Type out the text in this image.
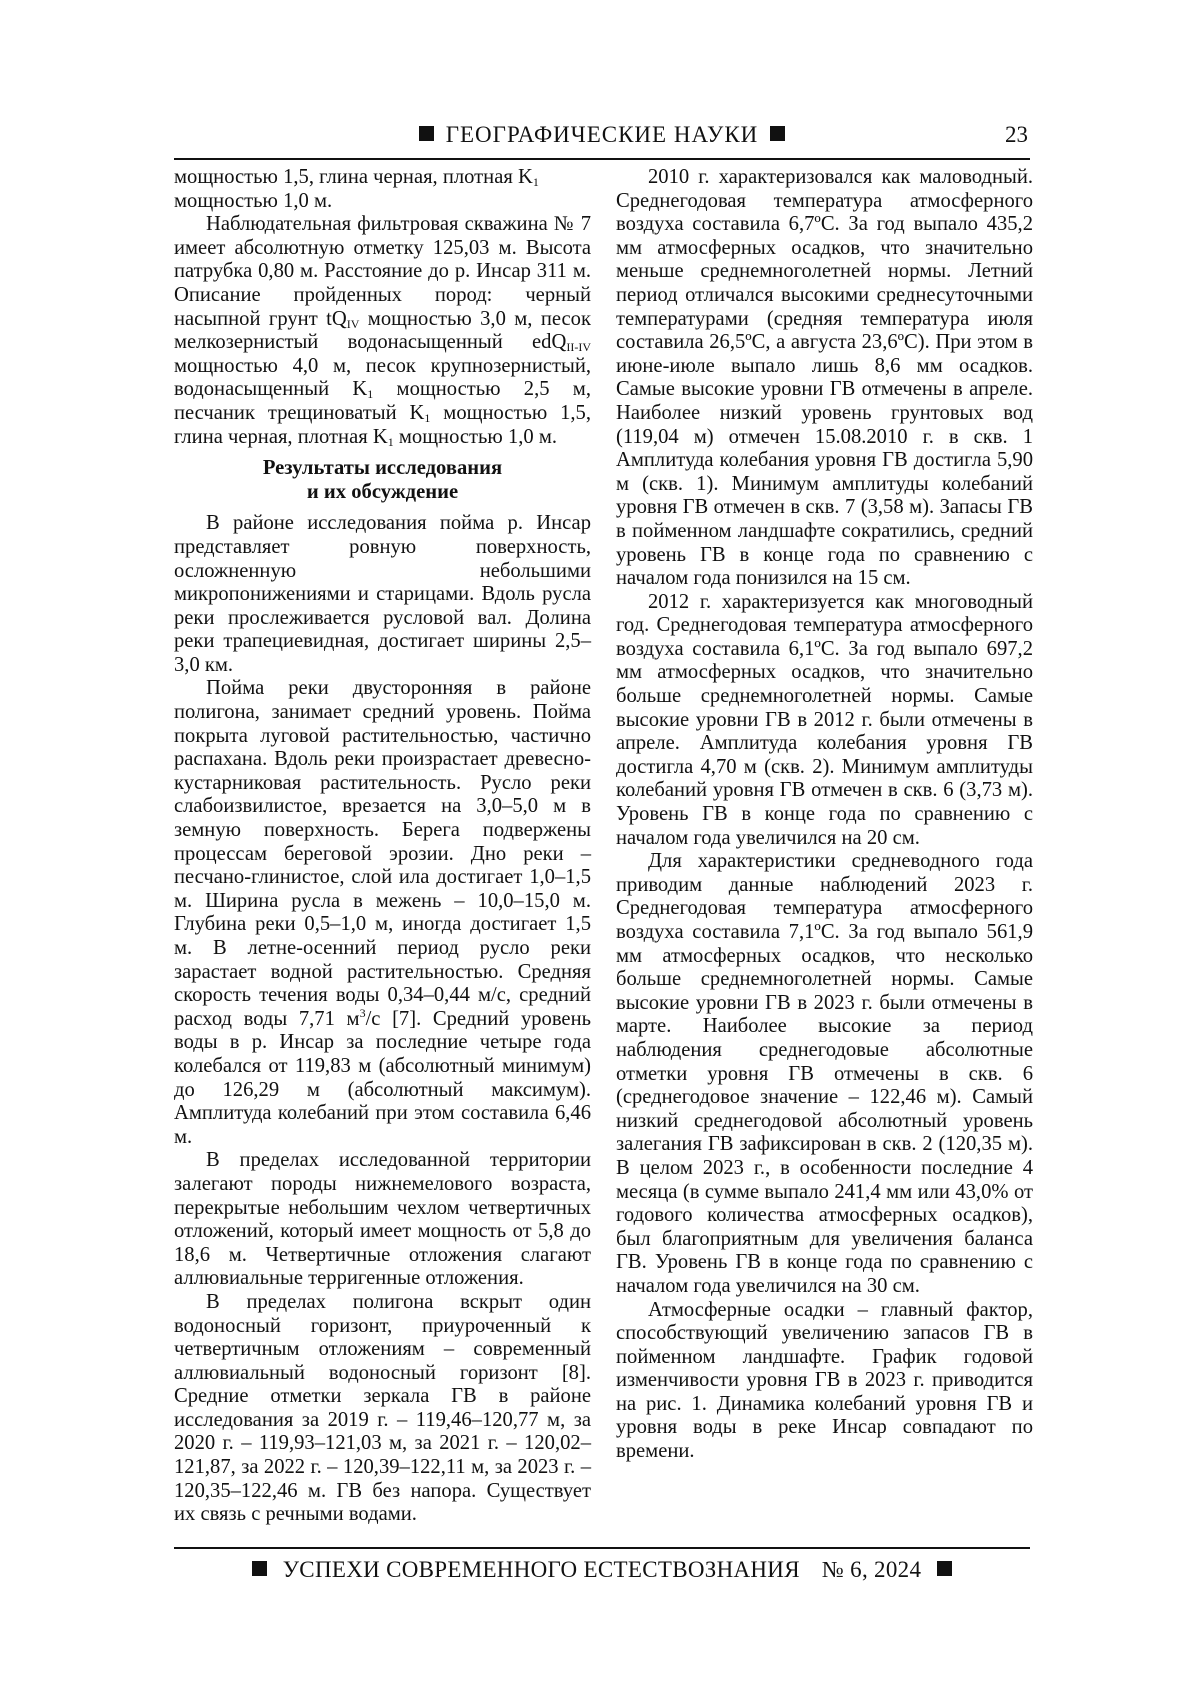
ГЕОГРАФИЧЕСКИЕ НАУКИ	23

мощностью 1,5, глина черная, плотная K1
мощностью 1,0 м.

Наблюдательная фильтровая скважина № 7 имеет абсолютную отметку 125,03 м. Высота патрубка 0,80 м. Расстояние до р. Инсар 311 м. Описание пройденных пород: черный насыпной грунт tQIV мощностью 3,0 м, песок мелкозернистый водонасыщенный edQII-IV мощностью 4,0 м, песок крупнозернистый, водонасыщенный K1 мощностью 2,5 м, песчаник трещиноватый K1 мощностью 1,5, глина черная, плотная K1 мощностью 1,0 м.

Результаты исследования
и их обсуждение

В районе исследования пойма р. Инсар представляет ровную поверхность, осложненную небольшими микропонижениями и старицами. Вдоль русла реки прослеживается русловой вал. Долина реки трапециевидная, достигает ширины 2,5–3,0 км.

Пойма реки двусторонняя в районе полигона, занимает средний уровень. Пойма покрыта луговой растительностью, частично распахана. Вдоль реки произрастает древесно-кустарниковая растительность. Русло реки слабоизвилистое, врезается на 3,0–5,0 м в земную поверхность. Берега подвержены процессам береговой эрозии. Дно реки – песчано-глинистое, слой ила достигает 1,0–1,5 м. Ширина русла в межень – 10,0–15,0 м. Глубина реки 0,5–1,0 м, иногда достигает 1,5 м. В летне-осенний период русло реки зарастает водной растительностью. Средняя скорость течения воды 0,34–0,44 м/с, средний расход воды 7,71 м3/с [7]. Средний уровень воды в р. Инсар за последние четыре года колебался от 119,83 м (абсолютный минимум) до 126,29 м (абсолютный максимум). Амплитуда колебаний при этом составила 6,46 м.

В пределах исследованной территории залегают породы нижнемелового возраста, перекрытые небольшим чехлом четвертичных отложений, который имеет мощность от 5,8 до 18,6 м. Четвертичные отложения слагают аллювиальные терригенные отложения.

В пределах полигона вскрыт один водоносный горизонт, приуроченный к четвертичным отложениям – современный аллювиальный водоносный горизонт [8]. Средние отметки зеркала ГВ в районе исследования за 2019 г. – 119,46–120,77 м, за 2020 г. – 119,93–121,03 м, за 2021 г. – 120,02–121,87, за 2022 г. – 120,39–122,11 м, за 2023 г. – 120,35–122,46 м. ГВ без напора. Существует их связь с речными водами.

2010 г. характеризовался как маловодный. Среднегодовая температура атмосферного воздуха составила 6,7ºС. За год выпало 435,2 мм атмосферных осадков, что значительно меньше среднемноголетней нормы. Летний период отличался высокими среднесуточными температурами (средняя температура июля составила 26,5ºС, а августа 23,6ºС). При этом в июне-июле выпало лишь 8,6 мм осадков. Самые высокие уровни ГВ отмечены в апреле. Наиболее низкий уровень грунтовых вод (119,04 м) отмечен 15.08.2010 г. в скв. 1 Амплитуда колебания уровня ГВ достигла 5,90 м (скв. 1). Минимум амплитуды колебаний уровня ГВ отмечен в скв. 7 (3,58 м). Запасы ГВ в пойменном ландшафте сократились, средний уровень ГВ в конце года по сравнению с началом года понизился на 15 см.

2012 г. характеризуется как многоводный год. Среднегодовая температура атмосферного воздуха составила 6,1ºС. За год выпало 697,2 мм атмосферных осадков, что значительно больше среднемноголетней нормы. Самые высокие уровни ГВ в 2012 г. были отмечены в апреле. Амплитуда колебания уровня ГВ достигла 4,70 м (скв. 2). Минимум амплитуды колебаний уровня ГВ отмечен в скв. 6 (3,73 м). Уровень ГВ в конце года по сравнению с началом года увеличился на 20 см.

Для характеристики средневодного года приводим данные наблюдений 2023 г. Среднегодовая температура атмосферного воздуха составила 7,1ºС. За год выпало 561,9 мм атмосферных осадков, что несколько больше среднемноголетней нормы. Самые высокие уровни ГВ в 2023 г. были отмечены в марте. Наиболее высокие за период наблюдения среднегодовые абсолютные отметки уровня ГВ отмечены в скв. 6 (среднегодовое значение – 122,46 м). Самый низкий среднегодовой абсолютный уровень залегания ГВ зафиксирован в скв. 2 (120,35 м). В целом 2023 г., в особенности последние 4 месяца (в сумме выпало 241,4 мм или 43,0% от годового количества атмосферных осадков), был благоприятным для увеличения баланса ГВ. Уровень ГВ в конце года по сравнению с началом года увеличился на 30 см.

Атмосферные осадки – главный фактор, способствующий увеличению запасов ГВ в пойменном ландшафте. График годовой изменчивости уровня ГВ в 2023 г. приводится на рис. 1. Динамика колебаний уровня ГВ и уровня воды в реке Инсар совпадают по времени.

УСПЕХИ СОВРЕМЕННОГО ЕСТЕСТВОЗНАНИЯ № 6, 2024
